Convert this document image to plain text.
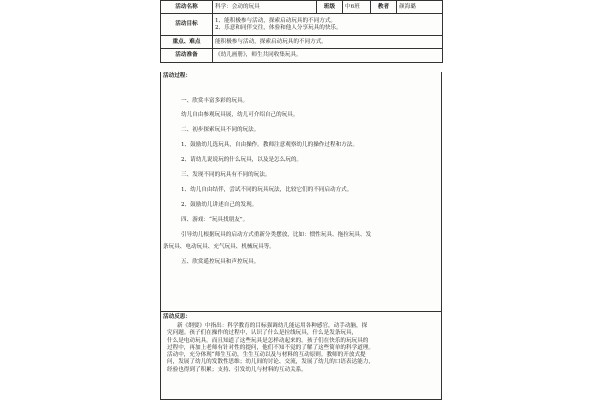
活动名称	科学：会动的玩具	班级	中6班	教者	颜海璐
活动目标	1、能积极参与活动，探索启动玩具的不同方式。
2、乐意和同伴交往，体验和他人分享玩具的快乐。				

重点、难点	能积极参与活动，探索启动玩具的不同方式。				
活动准备	《幼儿画册》，师生共同收集玩具。				
活动过程：
一、欣赏丰富多彩的玩具。
幼儿自由参观玩具展，幼儿可介绍自己的玩具。
二、初步探索玩具不同的玩法。
1、鼓励幼儿选玩具，自由操作。教师注意观察幼儿的操作过程和方法。
2、请幼儿说说玩的什么玩具，以及是怎么玩的。
三、发现不同的玩具有不同的玩法。
1、幼儿自由结伴，尝试不同的玩具玩法，比较它们的不同启动方式。
2、鼓励幼儿讲述自己的发现。
四、游戏：“玩具找朋友”。
引导幼儿根据玩具的启动方式重新分类摆放，比如：惯性玩具、拖拉玩具、发
条玩具、电动玩具、充气玩具、机械玩具等。
五、欣赏遥控玩具和声控玩具。
活动反思：
新《纲要》中指出：科学教育的目标强调幼儿能运用各种感官，动手动脑，探
究问题。孩子们在操作的过程中，认识了什么是拉线玩具，什么是发条玩具，
什么是电动玩具。而且知道了这些玩具是怎样动起来的。孩子们在快乐的玩玩具的
过程中，再加上老师有针对性的提问，他们不知不觉的了解了这些简单的科学道理。
活动中，充分体现“师生互动，生生互动以及与材料的互动原则。教师的开放式提
问，发展了幼儿的发散性思维；幼儿间的讨论、交流，发展了幼儿的口语表达能力，
经验也得到了积累；支持、引发幼儿与材料的互动关系。
